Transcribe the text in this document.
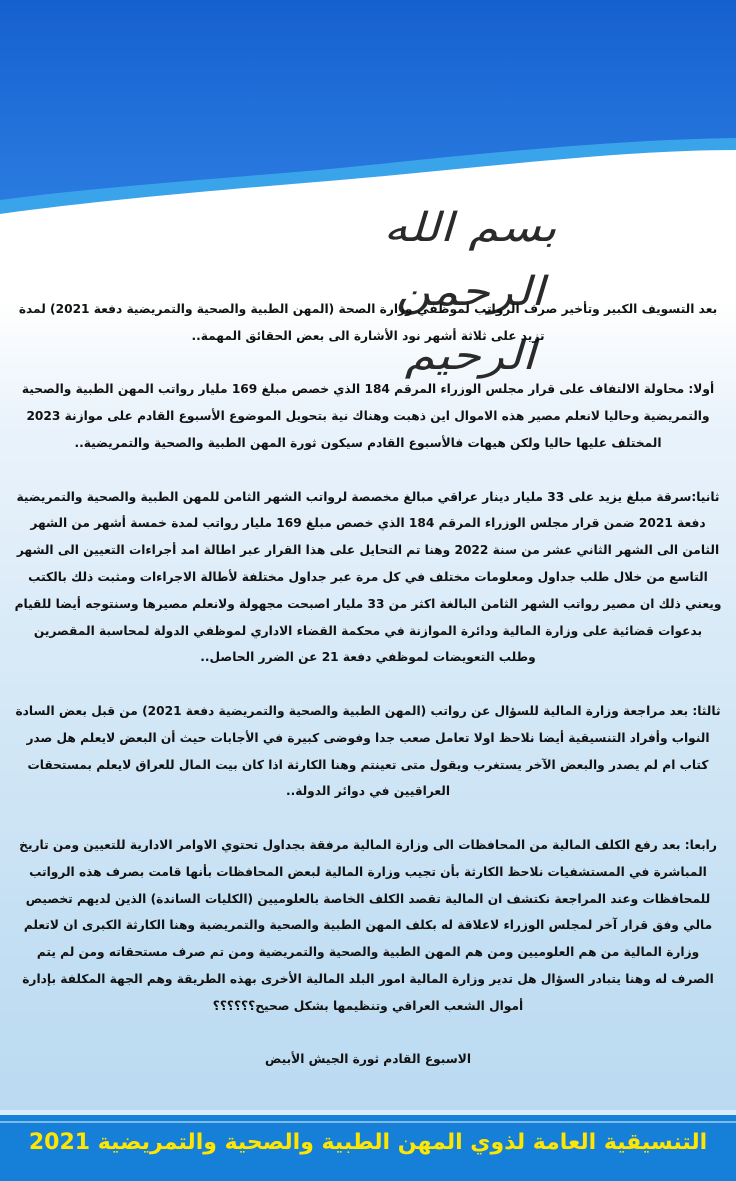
بسم الله الرحمن الرحيم

بعد التسويف الكبير وتأخير صرف الرواتب لموظفي وزارة الصحة (المهن الطبية والصحية والتمريضية دفعة 2021) لمدة تزيد على ثلاثة أشهر نود الأشارة الى بعض الحقائق المهمة..

أولا: محاولة الالتفاف على قرار مجلس الوزراء المرقم 184 الذي خصص مبلغ 169 مليار رواتب المهن الطبية والصحية والتمريضية وحاليا لانعلم مصير هذه الاموال اين ذهبت وهناك نية بتحويل الموضوع الأسبوع القادم على موازنة 2023 المختلف عليها حاليا ولكن هيهات فالأسبوع القادم سيكون ثورة المهن الطبية والصحية والتمريضية..

ثانيا:سرقة مبلغ يزيد على 33 مليار دينار عراقي مبالغ مخصصة لرواتب الشهر الثامن للمهن الطبية والصحية والتمريضية دفعة 2021 ضمن قرار مجلس الوزراء المرقم 184 الذي خصص مبلغ 169 مليار رواتب لمدة خمسة أشهر من الشهر الثامن الى الشهر الثاني عشر من سنة 2022 وهنا تم التحايل على هذا القرار عبر اطالة امد أجراءات التعيين الى الشهر التاسع من خلال طلب جداول ومعلومات مختلف في كل مرة عبر جداول مختلفة لأطالة الاجراءات ومثبت ذلك بالكتب ويعني ذلك ان مصير رواتب الشهر الثامن البالغة اكثر من 33 مليار اصبحت مجهولة ولانعلم مصيرها وسنتوجه أيضا للقيام بدعوات قضائية على وزارة المالية ودائرة الموازنة في محكمة القضاء الاداري لموظفي الدولة لمحاسبة المقصرين وطلب التعويضات لموظفي دفعة 21 عن الضرر الحاصل..

ثالثا: بعد مراجعة وزارة المالية للسؤال عن رواتب (المهن الطبية والصحية والتمريضية دفعة 2021) من قبل بعض السادة النواب وأفراد التنسيقية أيضا نلاحظ اولا تعامل صعب جدا وفوضى كبيرة في الأجابات حيث أن البعض لايعلم هل صدر كتاب ام لم يصدر والبعض الآخر يستغرب ويقول متى تعينتم وهنا الكارثة اذا كان بيت المال للعراق لايعلم بمستحقات العراقيين في دوائر الدولة..

رابعا: بعد رفع الكلف المالية من المحافظات الى وزارة المالية مرفقة بجداول تحتوي الاوامر الادارية للتعيين ومن تاريخ المباشرة في المستشفيات نلاحظ الكارثة بأن تجيب وزارة المالية لبعض المحافظات بأنها قامت بصرف هذه الرواتب للمحافظات وعند المراجعة نكتشف ان المالية تقصد الكلف الخاصة بالعلوميين (الكليات الساندة) الذين لديهم تخصيص مالي وفق قرار آخر لمجلس الوزراء لاعلاقة له بكلف المهن الطبية والصحية والتمريضية وهنا الكارثة الكبرى ان لاتعلم وزارة المالية من هم العلوميين ومن هم المهن الطبية والصحية والتمريضية ومن تم صرف مستحقاته ومن لم يتم الصرف له وهنا يتبادر السؤال هل تدير وزارة المالية امور البلد المالية الأخرى بهذه الطريقة وهم الجهة المكلفة بإدارة أموال الشعب العراقي وتنظيمها بشكل صحيح؟؟؟؟؟؟

الاسبوع القادم ثورة الجيش الأبيض

التنسيقية العامة لذوي المهن الطبية والصحية والتمريضية 2021
